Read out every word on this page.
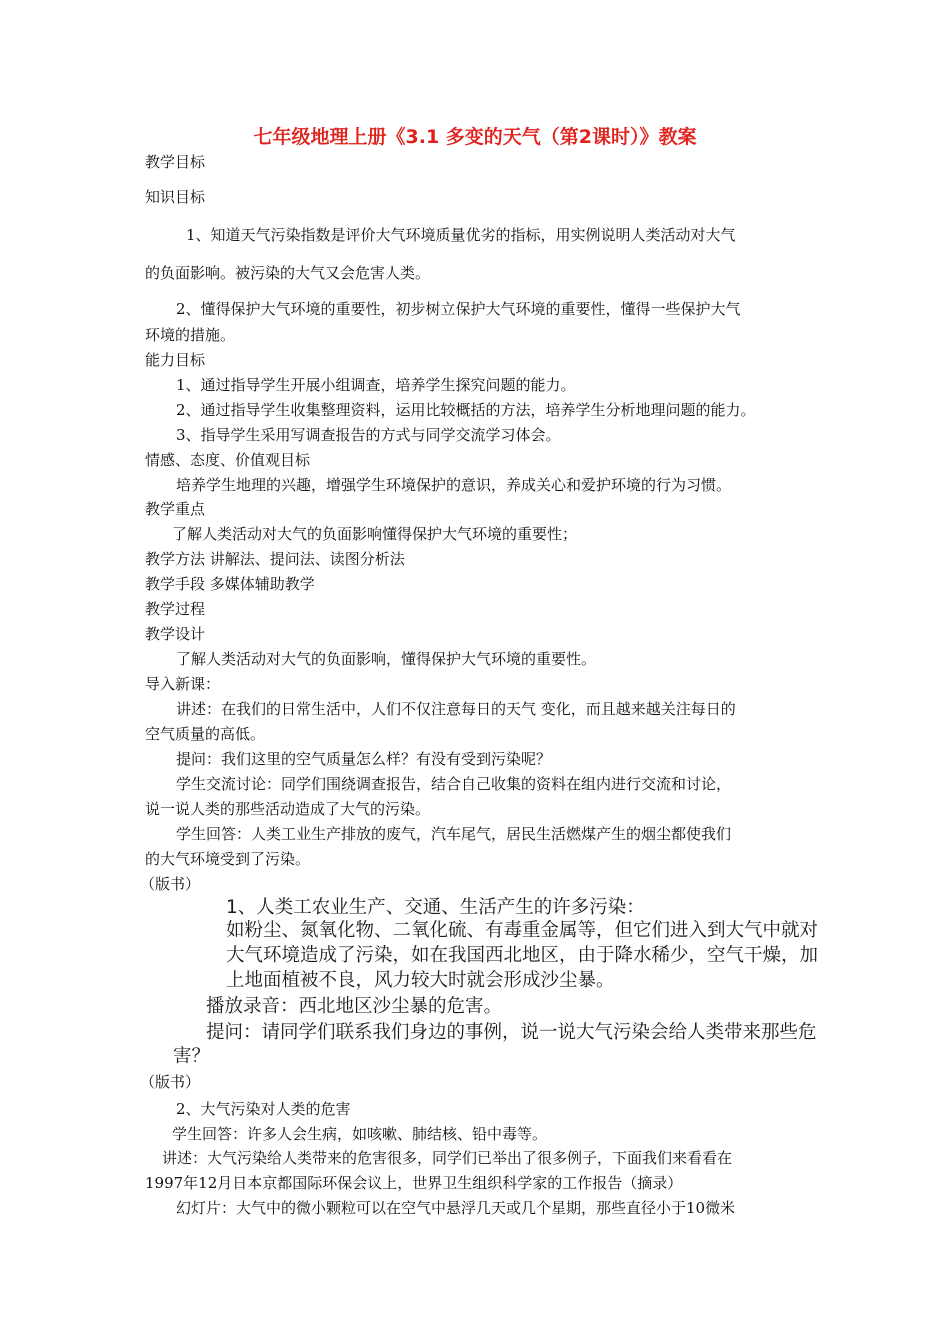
七年级地理上册《3.1 多变的天气（第2课时）》教案
教学目标
知识目标
1、知道天气污染指数是评价大气环境质量优劣的指标，用实例说明人类活动对大气
的负面影响。被污染的大气又会危害人类。
2、懂得保护大气环境的重要性，初步树立保护大气环境的重要性，懂得一些保护大气
环境的措施。
能力目标
1、通过指导学生开展小组调查，培养学生探究问题的能力。
2、通过指导学生收集整理资料，运用比较概括的方法，培养学生分析地理问题的能力。
3、指导学生采用写调查报告的方式与同学交流学习体会。
情感、态度、价值观目标
培养学生地理的兴趣，增强学生环境保护的意识，养成关心和爱护环境的行为习惯。
教学重点
了解人类活动对大气的负面影响懂得保护大气环境的重要性；
教学方法 讲解法、提问法、读图分析法
教学手段 多媒体辅助教学
教学过程
教学设计
了解人类活动对大气的负面影响，懂得保护大气环境的重要性。
导入新课：
讲述：在我们的日常生活中，人们不仅注意每日的天气 变化，而且越来越关注每日的
空气质量的高低。
提问：我们这里的空气质量怎么样？有没有受到污染呢？
学生交流讨论：同学们围绕调查报告，结合自己收集的资料在组内进行交流和讨论，
说一说人类的那些活动造成了大气的污染。
学生回答：人类工业生产排放的废气，汽车尾气，居民生活燃煤产生的烟尘都使我们
的大气环境受到了污染。
（版书）

1、人类工农业生产、交通、生活产生的许多污染：
如粉尘、氮氧化物、二氧化硫、有毒重金属等，但它们进入到大气中就对
大气环境造成了污染，如在我国西北地区，由于降水稀少，空气干燥，加
上地面植被不良，风力较大时就会形成沙尘暴。
播放录音：西北地区沙尘暴的危害。
提问：请同学们联系我们身边的事例，说一说大气污染会给人类带来那些危
害？
（版书）
2、大气污染对人类的危害
学生回答：许多人会生病，如咳嗽、肺结核、铅中毒等。
讲述：大气污染给人类带来的危害很多，同学们已举出了很多例子，下面我们来看看在
1997年12月日本京都国际环保会议上，世界卫生组织科学家的工作报告（摘录）
幻灯片：大气中的微小颗粒可以在空气中悬浮几天或几个星期，那些直径小于10微米
